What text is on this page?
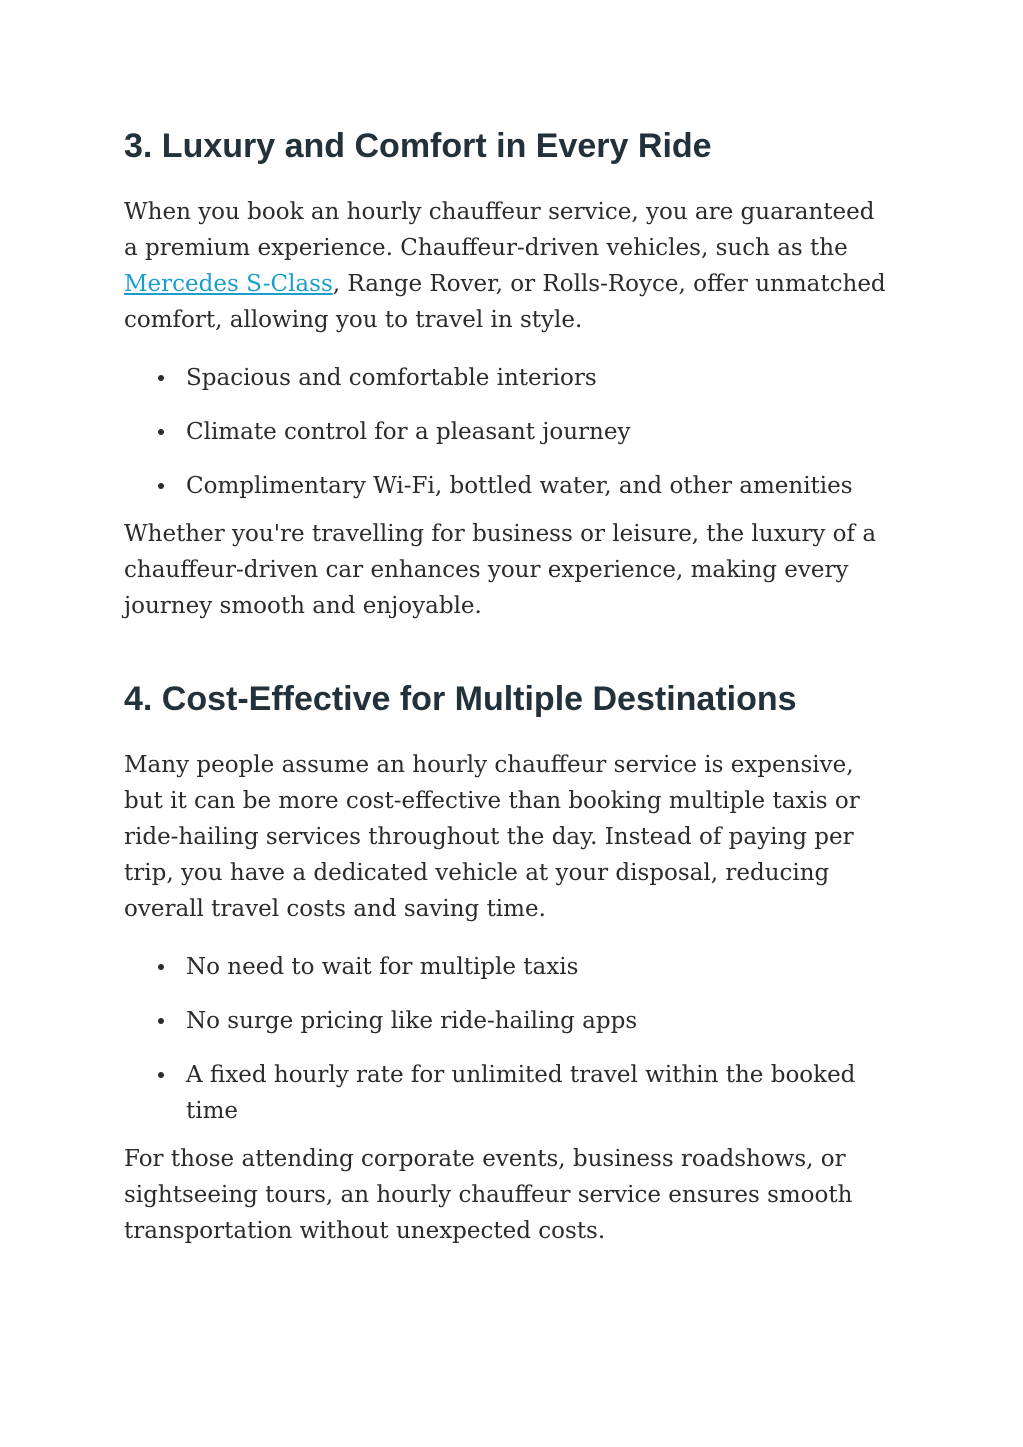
3. Luxury and Comfort in Every Ride

When you book an hourly chauffeur service, you are guaranteed a premium experience. Chauffeur-driven vehicles, such as the Mercedes S-Class, Range Rover, or Rolls-Royce, offer unmatched comfort, allowing you to travel in style.

Spacious and comfortable interiors
Climate control for a pleasant journey
Complimentary Wi-Fi, bottled water, and other amenities

Whether you're travelling for business or leisure, the luxury of a chauffeur-driven car enhances your experience, making every journey smooth and enjoyable.

4. Cost-Effective for Multiple Destinations

Many people assume an hourly chauffeur service is expensive, but it can be more cost-effective than booking multiple taxis or ride-hailing services throughout the day. Instead of paying per trip, you have a dedicated vehicle at your disposal, reducing overall travel costs and saving time.

No need to wait for multiple taxis
No surge pricing like ride-hailing apps
A fixed hourly rate for unlimited travel within the booked time

For those attending corporate events, business roadshows, or sightseeing tours, an hourly chauffeur service ensures smooth transportation without unexpected costs.
